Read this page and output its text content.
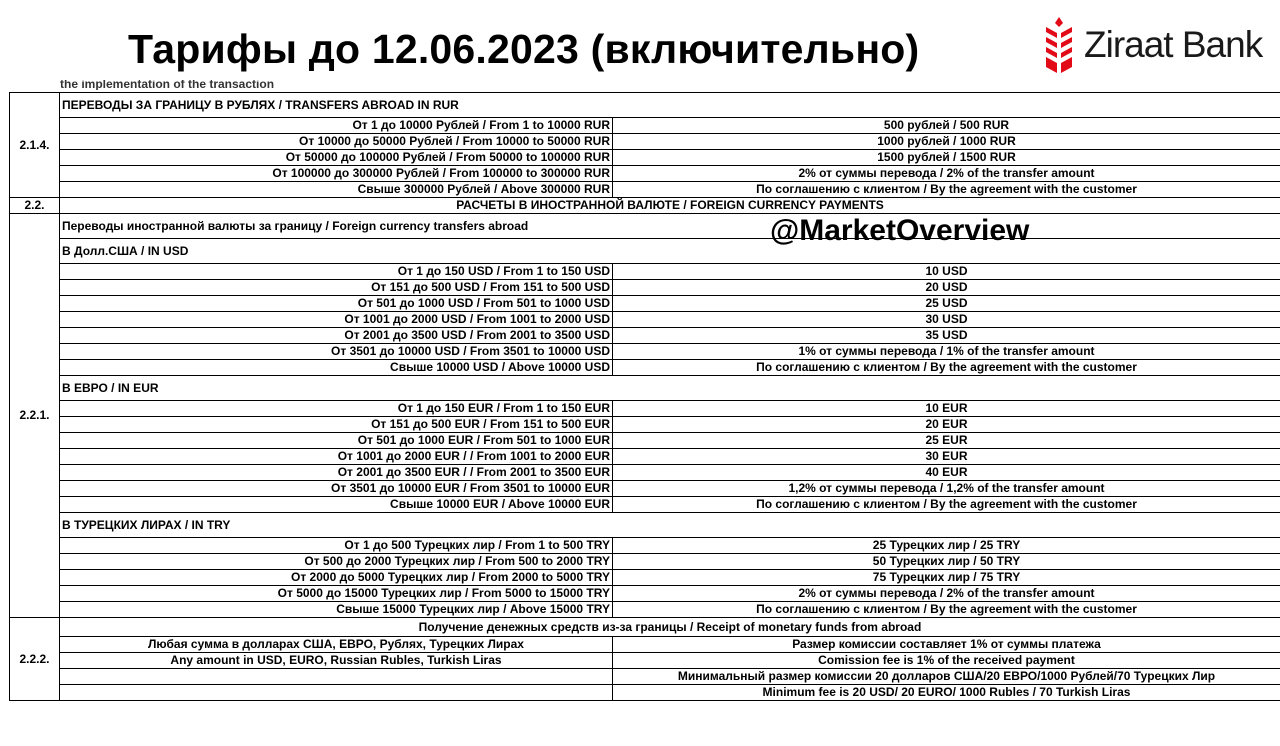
Тарифы до 12.06.2023 (включительно)	Ziraat Bank
the implementation of the transaction
2.1.4.	ПЕРЕВОДЫ ЗА ГРАНИЦУ В РУБЛЯХ / TRANSFERS ABROAD IN RUR	
	От 1 до 10000 Рублей / From 1 to 10000 RUR	500 рублей / 500 RUR
	От 10000 до 50000 Рублей / From 10000 to 50000 RUR	1000 рублей / 1000 RUR
	От 50000 до 100000 Рублей / From 50000 to 100000 RUR	1500 рублей / 1500 RUR
	От 100000 до 300000 Рублей / From 100000 to 300000 RUR	2% от суммы перевода / 2% of the transfer amount
	Свыше 300000 Рублей / Above 300000 RUR	По соглашению с клиентом / By the agreement with the customer
2.2.	РАСЧЕТЫ В ИНОСТРАННОЙ ВАЛЮТЕ / FOREIGN CURRENCY PAYMENTS	
2.2.1.	Переводы иностранной валюты за границу / Foreign currency transfers abroad	
	В Долл.США / IN USD	
	От 1 до 150 USD / From 1 to 150 USD	10 USD
	От 151 до 500 USD / From 151 to 500 USD	20 USD
	От 501 до 1000 USD / From 501 to 1000 USD	25 USD
	От 1001 до 2000 USD / From 1001 to 2000 USD	30 USD
	От 2001 до 3500 USD / From 2001 to 3500 USD	35 USD
	От 3501 до 10000 USD / From 3501 to 10000 USD	1% от суммы перевода / 1% of the transfer amount
	Свыше 10000 USD / Above 10000 USD	По соглашению с клиентом / By the agreement with the customer
	В ЕВРО / IN EUR	
	От 1 до 150 EUR / From 1 to 150 EUR	10 EUR
	От 151 до 500 EUR / From 151 to 500 EUR	20 EUR
	От 501 до 1000 EUR / From 501 to 1000 EUR	25 EUR
	От 1001 до 2000 EUR / / From 1001 to 2000 EUR	30 EUR
	От 2001 до 3500 EUR / / From 2001 to 3500 EUR	40 EUR
	От 3501 до 10000 EUR / From 3501 to 10000 EUR	1,2% от суммы перевода / 1,2% of the transfer amount
	Свыше 10000 EUR / Above 10000 EUR	По соглашению с клиентом / By the agreement with the customer
	В ТУРЕЦКИХ ЛИРАХ / IN TRY	
	От 1 до 500 Турецких лир / From 1 to 500 TRY	25 Турецких лир / 25 TRY
	От 500 до 2000 Турецких лир / From 500 to 2000 TRY	50 Турецких лир / 50 TRY
	От 2000 до 5000 Турецких лир / From 2000 to 5000 TRY	75 Турецких лир / 75 TRY
	От 5000 до 15000 Турецких лир / From 5000 to 15000 TRY	2% от суммы перевода / 2% of the transfer amount
	Свыше 15000 Турецких лир / Above 15000 TRY	По соглашению с клиентом / By the agreement with the customer
2.2.2.	Получение денежных средств из-за границы / Receipt of monetary funds from abroad	
	Любая сумма в долларах США, ЕВРО, Рублях, Турецких Лирах	Размер комиссии составляет 1% от суммы платежа
	Any amount in USD, EURO, Russian Rubles, Turkish Liras	Comission fee is 1% of the received payment
		Минимальный размер комиссии 20 долларов США/20 ЕВРО/1000 Рублей/70 Турецких Лир
		Minimum fee is 20 USD/ 20 EURO/ 1000 Rubles / 70 Turkish Liras
@MarketOverview
